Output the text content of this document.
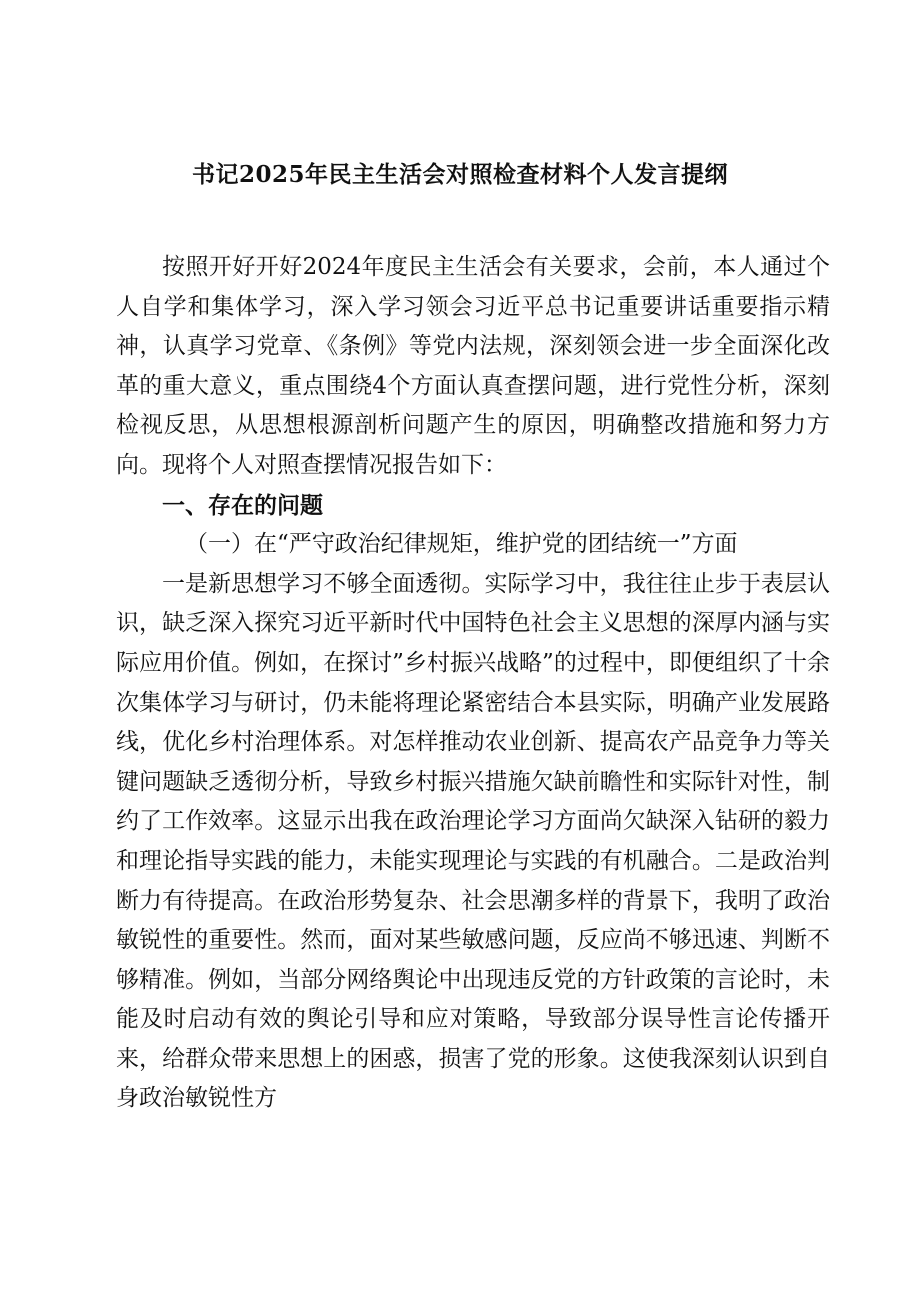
书记2025年民主生活会对照检查材料个人发言提纲

按照开好开好2024年度民主生活会有关要求，会前，本人通过个人自学和集体学习，深入学习领会习近平总书记重要讲话重要指示精神，认真学习党章、《条例》等党内法规，深刻领会进一步全面深化改革的重大意义，重点围绕4个方面认真查摆问题，进行党性分析，深刻检视反思，从思想根源剖析问题产生的原因，明确整改措施和努力方向。现将个人对照查摆情况报告如下：

一、存在的问题
（一）在“严守政治纪律规矩，维护党的团结统一”方面

一是新思想学习不够全面透彻。实际学习中，我往往止步于表层认识，缺乏深入探究习近平新时代中国特色社会主义思想的深厚内涵与实际应用价值。例如，在探讨”乡村振兴战略”的过程中，即便组织了十余次集体学习与研讨，仍未能将理论紧密结合本县实际，明确产业发展路线，优化乡村治理体系。对怎样推动农业创新、提高农产品竞争力等关键问题缺乏透彻分析，导致乡村振兴措施欠缺前瞻性和实际针对性，制约了工作效率。这显示出我在政治理论学习方面尚欠缺深入钻研的毅力和理论指导实践的能力，未能实现理论与实践的有机融合。二是政治判断力有待提高。在政治形势复杂、社会思潮多样的背景下，我明了政治敏锐性的重要性。然而，面对某些敏感问题，反应尚不够迅速、判断不够精准。例如，当部分网络舆论中出现违反党的方针政策的言论时，未能及时启动有效的舆论引导和应对策略，导致部分误导性言论传播开来，给群众带来思想上的困惑，损害了党的形象。这使我深刻认识到自身政治敏锐性方
